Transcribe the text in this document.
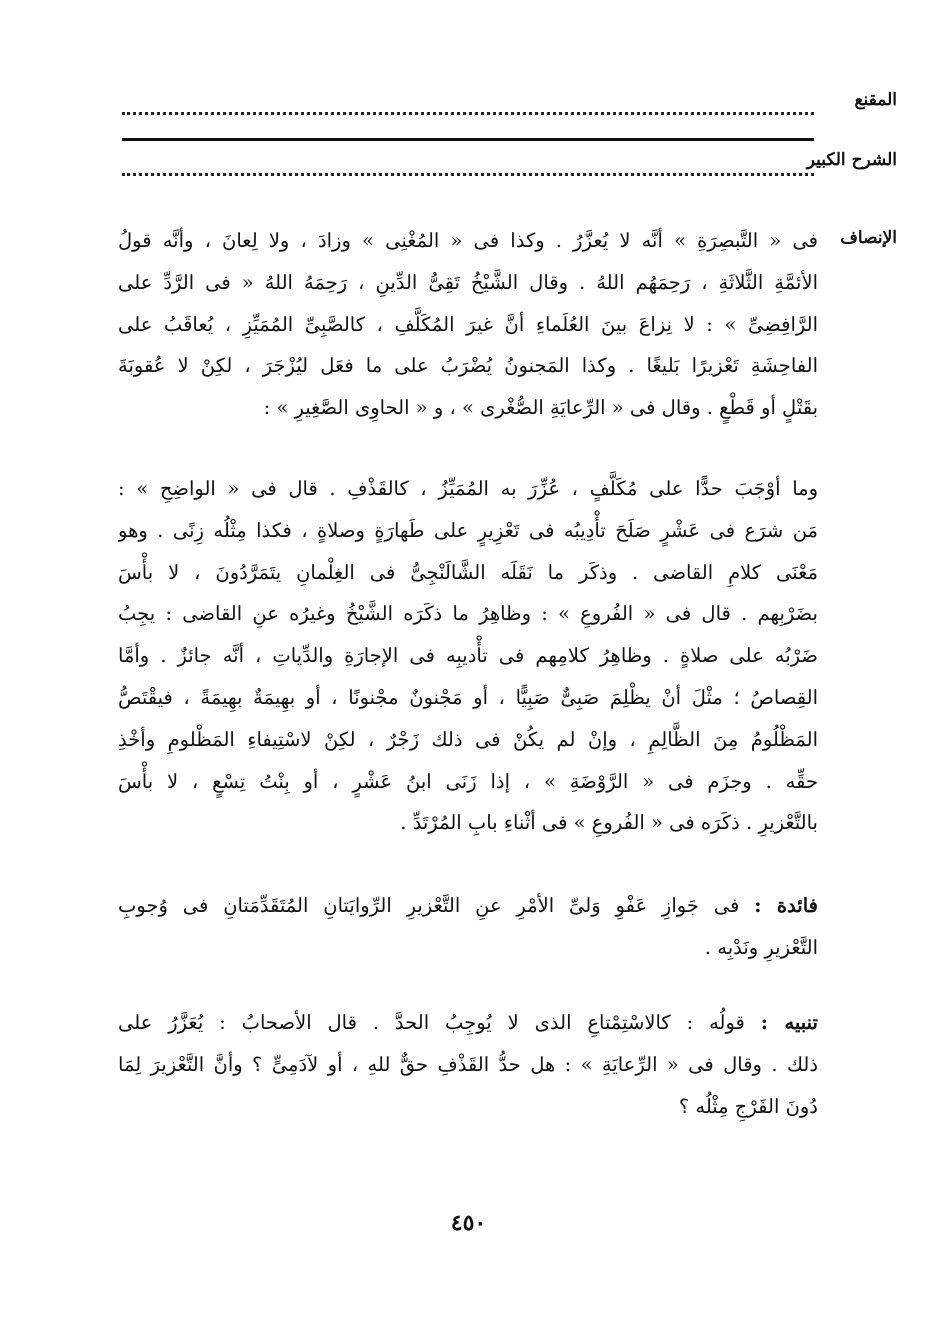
المقنع
الشرح الكبير
الإنصاف
فى « التَّبصِرَةِ » أنَّه لا يُعزَّرُ . وكذا فى « المُغْنِى » وزادَ ، ولا لِعانَ ، وأنَّه قولُ
الأئمَّةِ الثَّلاثَةِ ، رَحِمَهُم اللهُ . وقال الشَّيْخُ تَقِىُّ الدِّينِ ، رَحِمَهُ اللهُ « فى الرَّدِّ على
الرَّافِضِىِّ » : لا نِزاعَ بينَ العُلَماءِ أنَّ غيرَ المُكَلَّفِ ، كالصَّبِىِّ المُمَيِّزِ ، يُعاقَبُ على
الفاحِشَةِ تَعْزيرًا بَليغًا . وكذا المَجنونُ يُضْرَبُ على ما فعَل ليُزْجَرَ ، لكِنْ لا عُقوبَةَ
بقَتْلٍ أو قَطْعٍ . وقال فى « الرِّعايَةِ الصُّغْرى » ، و « الحاوِى الصَّغِيرِ » :
وما أوْجَبَ حدًّا على مُكَلَّفٍ ، عُزِّرَ به المُمَيِّزُ ، كالقَذْفِ . قال فى « الواضِحِ » :
مَن شرَع فى عَشْرٍ صَلَحَ تأْدِيبُه فى تَعْزِيرٍ على طَهارَةٍ وصلاةٍ ، فكذا مِثْلُه زِنًى . وهو
مَعْنَى كلامِ القاضى . وذكَر ما نَقَلَه الشَّالَنْجِىُّ فى الغِلْمانِ يتَمَرَّدُونَ ، لا بأْسَ
بضَرْبِهم . قال فى « الفُروعِ » : وظاهِرُ ما ذكَرَه الشَّيْخُ وغيرُه عنِ القاضى : يجِبُ
ضَرْبُه على صلاةٍ . وظاهِرُ كلامِهم فى تأْديبِه فى الإجارَةِ والدِّياتِ ، أنَّه جائزٌ . وأمَّا
القِصاصُ ؛ مثْلَ أنْ يظْلِمَ صَبِىٌّ صَبِيًّا ، أو مَجْنونٌ مجْنونًا ، أو بهِيمَةٌ بهِيمَةً ، فيقْتَصُّ
المَظْلُومُ مِنَ الظَّالِمِ ، وإنْ لم يكُنْ فى ذلك زَجْرٌ ، لكِنْ لاسْتِيفاءِ المَظْلومِ وأخْذِ
حقِّه . وجزَم فى « الرَّوْضَةِ » ، إذا زَنَى ابنُ عَشْرٍ ، أو بِنْتُ تِسْعٍ ، لا بأْسَ
بالتَّعْزيرِ . ذكَرَه فى « الفُروعِ » فى أثْناءِ بابِ المُرْتَدِّ .
فائدة : فى جَوازِ عَفْوِ وَلىِّ الأمْرِ عنِ التَّعْزيرِ الرِّوايَتانِ المُتَقَدِّمَتانِ فى وُجوبِ
التَّعْزيرِ ونَدْبِه .
تنبيه : قولُه : كالاسْتِمْتاعِ الذى لا يُوجِبُ الحدَّ . قال الأصحابُ : يُعَزَّرُ على
ذلك . وقال فى « الرِّعايَةِ » : هل حدُّ القَذْفِ حقٌّ للهِ ، أو لآدَمِىٍّ ؟ وأنَّ التَّعْزيرَ لِمَا
دُونَ الفَرْجِ مِثْلُه ؟
٤٥٠
